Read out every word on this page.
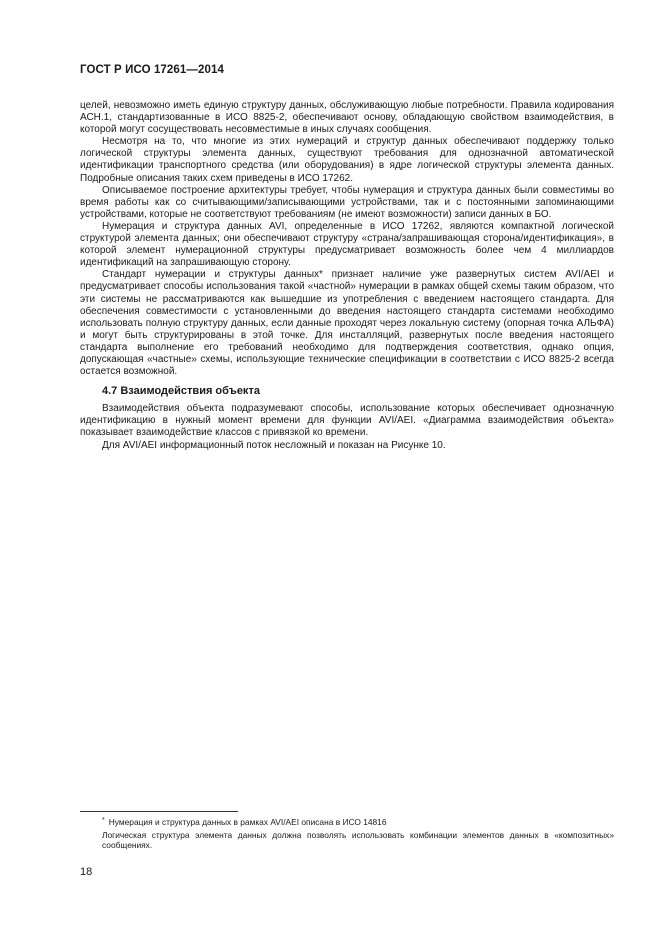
ГОСТ Р ИСО 17261—2014

целей, невозможно иметь единую структуру данных, обслуживающую любые потребности. Правила кодирования АСН.1, стандартизованные в ИСО 8825-2, обеспечивают основу, обладающую свойством взаимодействия, в которой могут сосуществовать несовместимые в иных случаях сообщения.

Несмотря на то, что многие из этих нумераций и структур данных обеспечивают поддержку только логической структуры элемента данных, существуют требования для однозначной автоматической идентификации транспортного средства (или оборудования) в ядре логической структуры элемента данных. Подробные описания таких схем приведены в ИСО 17262.

Описываемое построение архитектуры требует, чтобы нумерация и структура данных были совместимы во время работы как со считывающими/записывающими устройствами, так и с постоянными запоминающими устройствами, которые не соответствуют требованиям (не имеют возможности) записи данных в БО.

Нумерация и структура данных AVI, определенные в ИСО 17262, являются компактной логической структурой элемента данных; они обеспечивают структуру «страна/запрашивающая сторона/идентификация», в которой элемент нумерационной структуры предусматривает возможность более чем 4 миллиардов идентификаций на запрашивающую сторону.

Стандарт нумерации и структуры данных* признает наличие уже развернутых систем AVI/AEI и предусматривает способы использования такой «частной» нумерации в рамках общей схемы таким образом, что эти системы не рассматриваются как вышедшие из употребления с введением настоящего стандарта. Для обеспечения совместимости с установленными до введения настоящего стандарта системами необходимо использовать полную структуру данных, если данные проходят через локальную систему (опорная точка АЛЬФА) и могут быть структурированы в этой точке. Для инсталляций, развернутых после введения настоящего стандарта выполнение его требований необходимо для подтверждения соответствия, однако опция, допускающая «частные» схемы, использующие технические спецификации в соответствии с ИСО 8825-2 всегда остается возможной.

4.7 Взаимодействия объекта

Взаимодействия объекта подразумевают способы, использование которых обеспечивает однозначную идентификацию в нужный момент времени для функции AVI/AEI. «Диаграмма взаимодействия объекта» показывает взаимодействие классов с привязкой ко времени.

Для AVI/AEI информационный поток несложный и показан на Рисунке 10.

* Нумерация и структура данных в рамках AVI/AEI описана в ИСО 14816

Логическая структура элемента данных должна позволять использовать комбинации элементов данных в «композитных» сообщениях.

18
